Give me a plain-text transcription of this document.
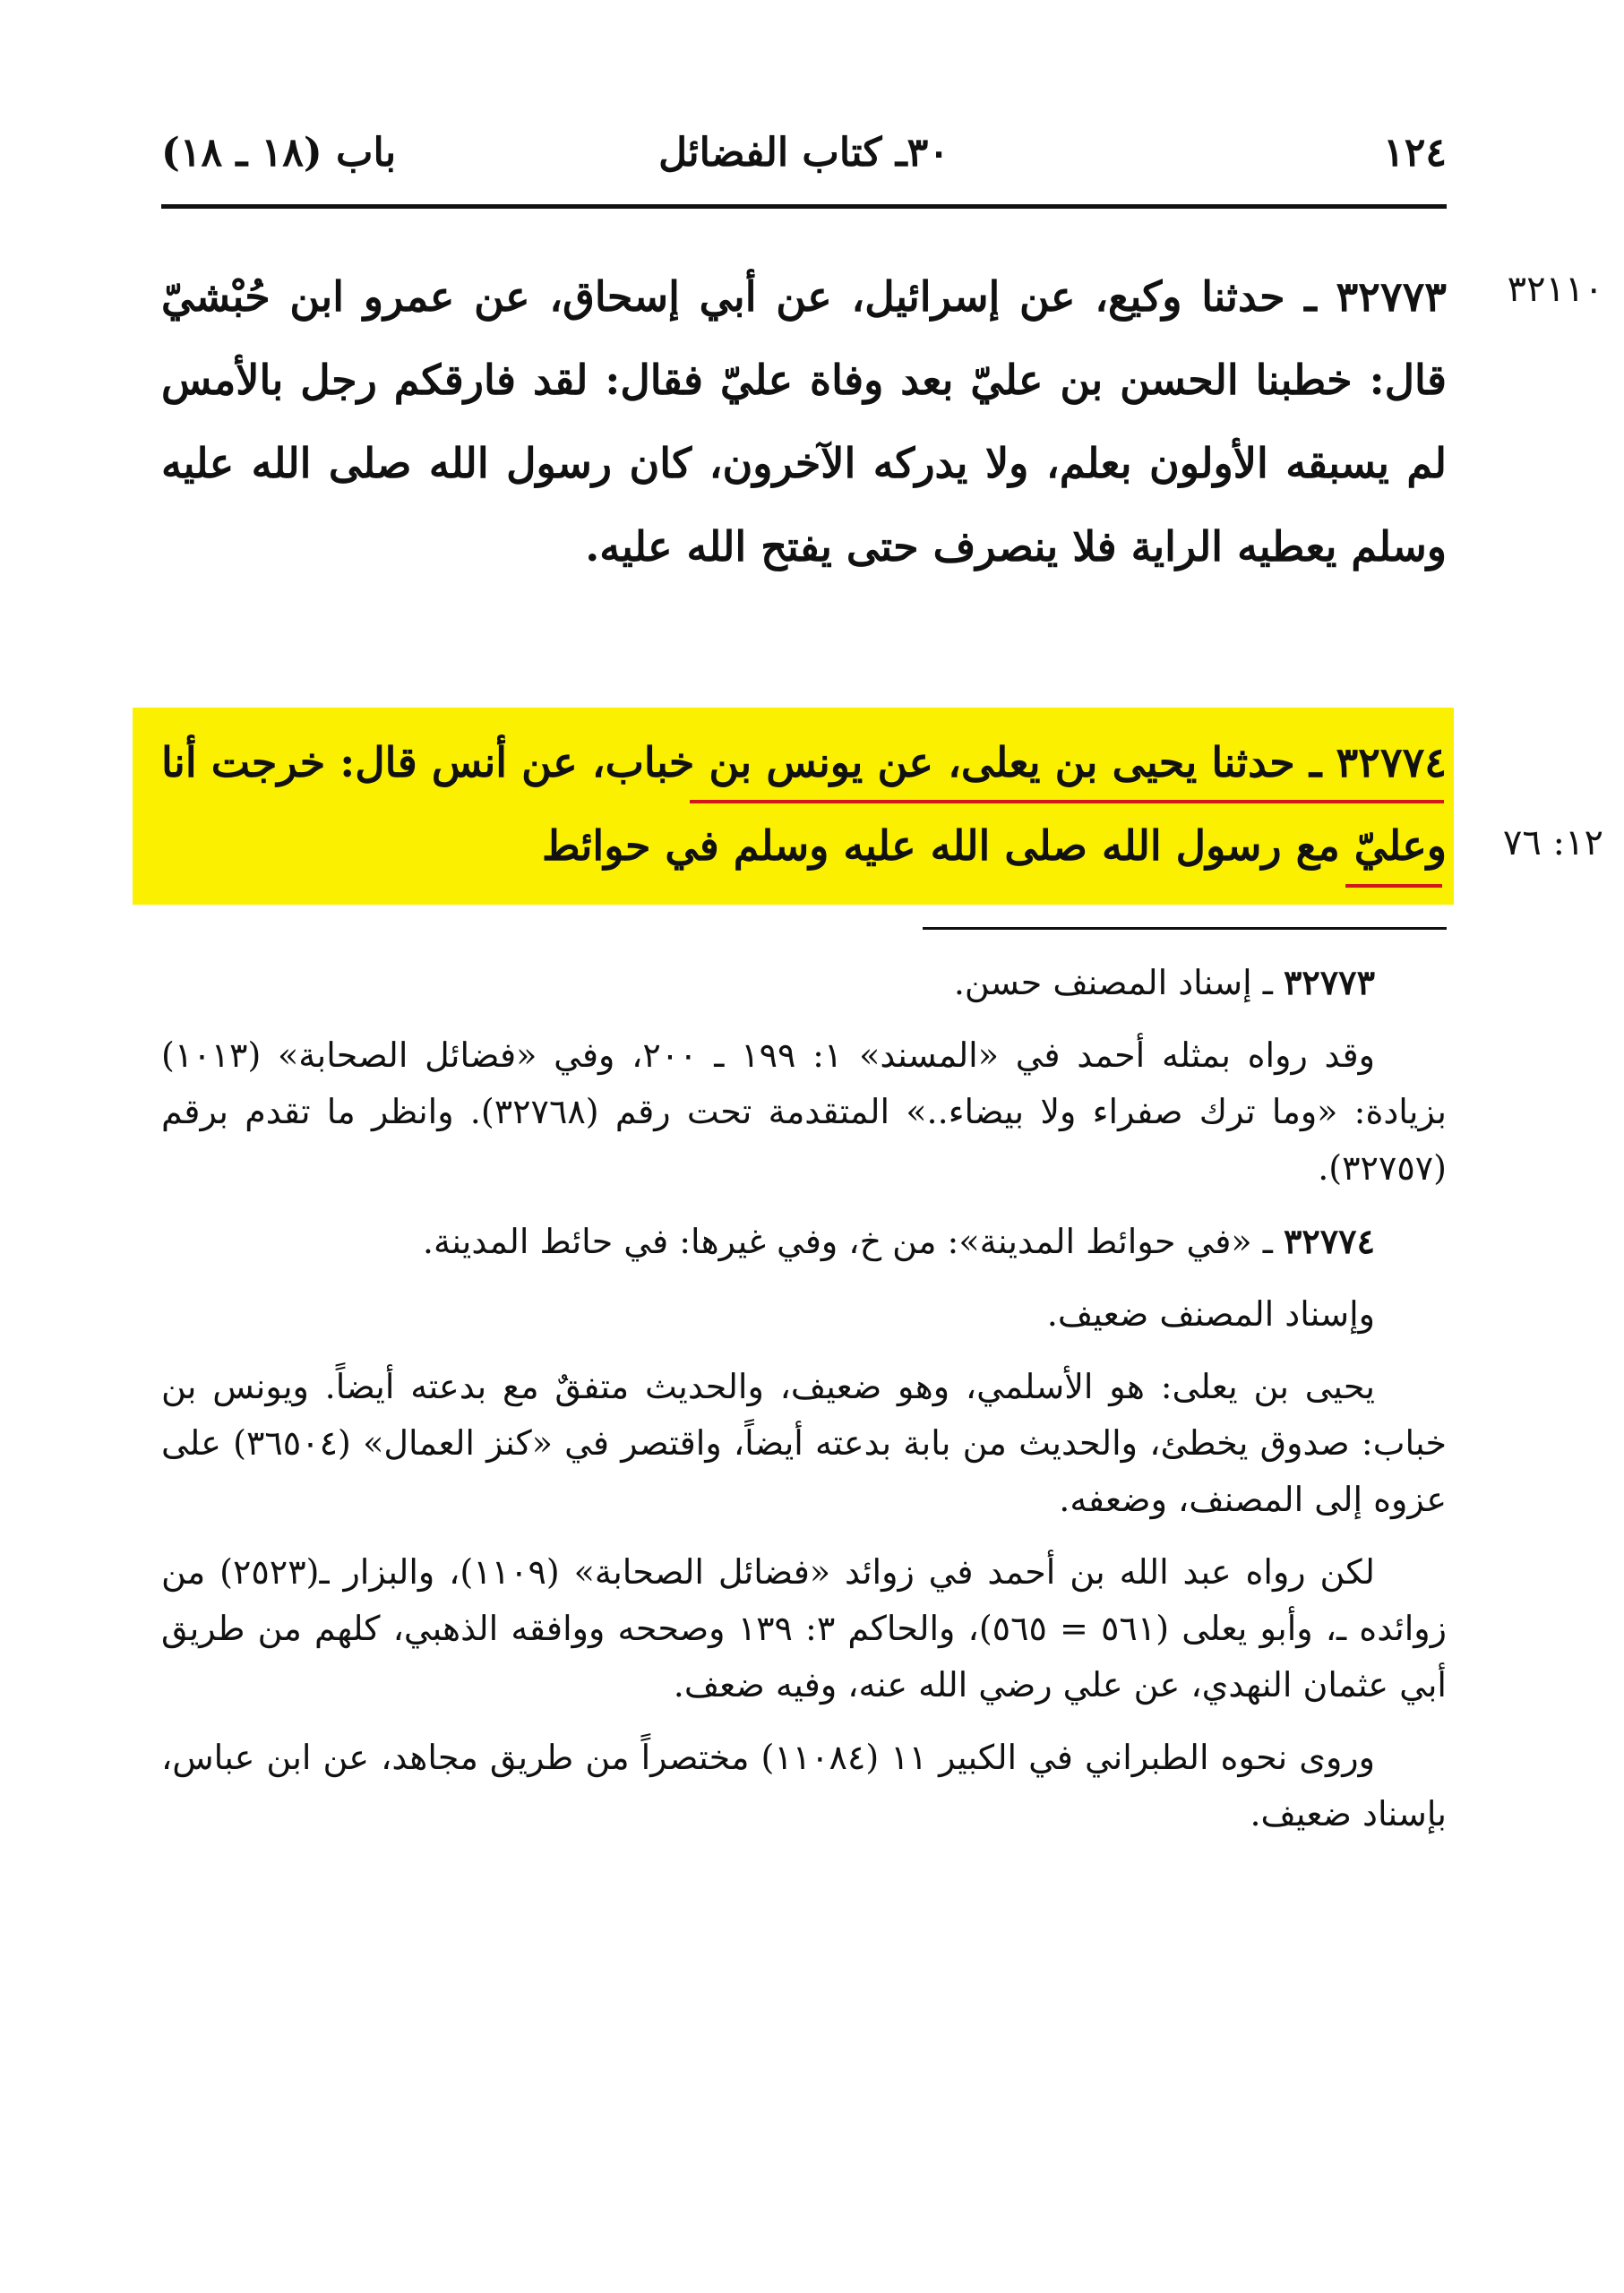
١٢٤
٣٠ـ كتاب الفضائل
باب (١٨ ـ ١٨)
٣٢١١٠
٣٢٧٧٣ ـ حدثنا وكيع، عن إسرائيل، عن أبي إسحاق، عن عمرو ابن حُبْشيّ قال: خطبنا الحسن بن عليّ بعد وفاة عليّ فقال: لقد فارقكم رجل بالأمس لم يسبقه الأولون بعلم، ولا يدركه الآخرون، كان رسول الله صلى الله عليه وسلم يعطيه الراية فلا ينصرف حتى يفتح الله عليه.
١٢: ٧٦
٣٢٧٧٤ ـ حدثنا يحيى بن يعلى، عن يونس بن خباب، عن أنس قال: خرجت أنا وعليّ مع رسول الله صلى الله عليه وسلم في حوائط

٣٢٧٧٣ ـ إسناد المصنف حسن.

وقد رواه بمثله أحمد في «المسند» ١: ١٩٩ ـ ٢٠٠، وفي «فضائل الصحابة» (١٠١٣) بزيادة: «وما ترك صفراء ولا بيضاء..» المتقدمة تحت رقم (٣٢٧٦٨). وانظر ما تقدم برقم (٣٢٧٥٧).

٣٢٧٧٤ ـ «في حوائط المدينة»: من خ، وفي غيرها: في حائط المدينة.

وإسناد المصنف ضعيف.

يحيى بن يعلى: هو الأسلمي، وهو ضعيف، والحديث متفقٌ مع بدعته أيضاً. ويونس بن خباب: صدوق يخطئ، والحديث من بابة بدعته أيضاً، واقتصر في «كنز العمال» (٣٦٥٠٤) على عزوه إلى المصنف، وضعفه.

لكن رواه عبد الله بن أحمد في زوائد «فضائل الصحابة» (١١٠٩)، والبزار ـ(٢٥٢٣) من زوائده ـ، وأبو يعلى (٥٦١ = ٥٦٥)، والحاكم ٣: ١٣٩ وصححه ووافقه الذهبي، كلهم من طريق أبي عثمان النهدي، عن علي رضي الله عنه، وفيه ضعف.

وروى نحوه الطبراني في الكبير ١١ (١١٠٨٤) مختصراً من طريق مجاهد، عن ابن عباس، بإسناد ضعيف.
